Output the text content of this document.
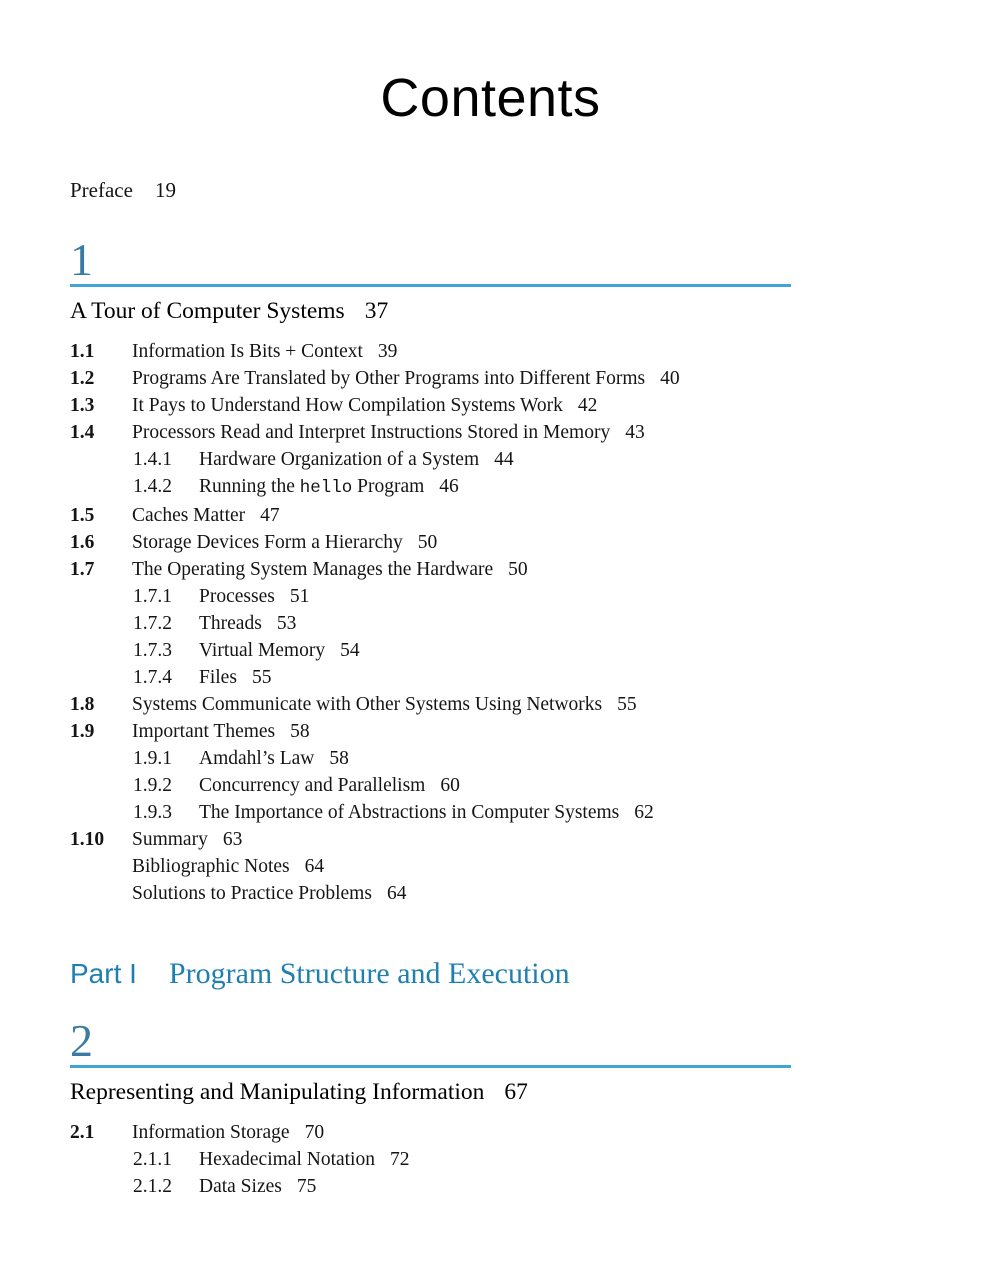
Contents
Preface 19
1
A Tour of Computer Systems 37
1.1	Information Is Bits + Context 39
1.2	Programs Are Translated by Other Programs into Different Forms 40
1.3	It Pays to Understand How Compilation Systems Work 42
1.4	Processors Read and Interpret Instructions Stored in Memory 43
1.4.1	Hardware Organization of a System 44
1.4.2	Running the hello Program 46
1.5	Caches Matter 47
1.6	Storage Devices Form a Hierarchy 50
1.7	The Operating System Manages the Hardware 50
1.7.1	Processes 51
1.7.2	Threads 53
1.7.3	Virtual Memory 54
1.7.4	Files 55
1.8	Systems Communicate with Other Systems Using Networks 55
1.9	Important Themes 58
1.9.1	Amdahl’s Law 58
1.9.2	Concurrency and Parallelism 60
1.9.3	The Importance of Abstractions in Computer Systems 62
1.10	Summary 63
Bibliographic Notes 64
Solutions to Practice Problems 64
Part I Program Structure and Execution
2
Representing and Manipulating Information 67
2.1	Information Storage 70
2.1.1	Hexadecimal Notation 72
2.1.2	Data Sizes 75
